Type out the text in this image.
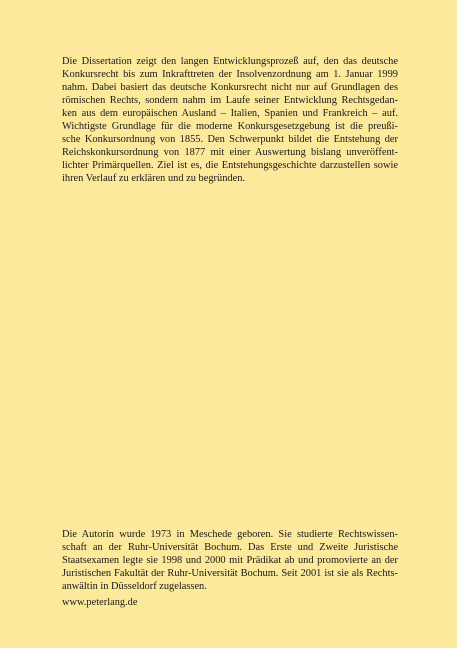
Die Dissertation zeigt den langen Entwicklungsprozeß auf, den das deutsche
Konkursrecht bis zum Inkrafttreten der Insolvenzordnung am 1. Januar 1999
nahm. Dabei basiert das deutsche Konkursrecht nicht nur auf Grundlagen des
römischen Rechts, sondern nahm im Laufe seiner Entwicklung Rechtsgedan-
ken aus dem europäischen Ausland – Italien, Spanien und Frankreich – auf.
Wichtigste Grundlage für die moderne Konkursgesetzgebung ist die preußi-
sche Konkursordnung von 1855. Den Schwerpunkt bildet die Entstehung der
Reichskonkursordnung von 1877 mit einer Auswertung bislang unveröffent-
lichter Primärquellen. Ziel ist es, die Entstehungsgeschichte darzustellen sowie
ihren Verlauf zu erklären und zu begründen.

Die Autorin wurde 1973 in Meschede geboren. Sie studierte Rechtswissen-
schaft an der Ruhr-Universität Bochum. Das Erste und Zweite Juristische
Staatsexamen legte sie 1998 und 2000 mit Prädikat ab und promovierte an der
Juristischen Fakultät der Ruhr-Universität Bochum. Seit 2001 ist sie als Rechts-
anwältin in Düsseldorf zugelassen.

www.peterlang.de
